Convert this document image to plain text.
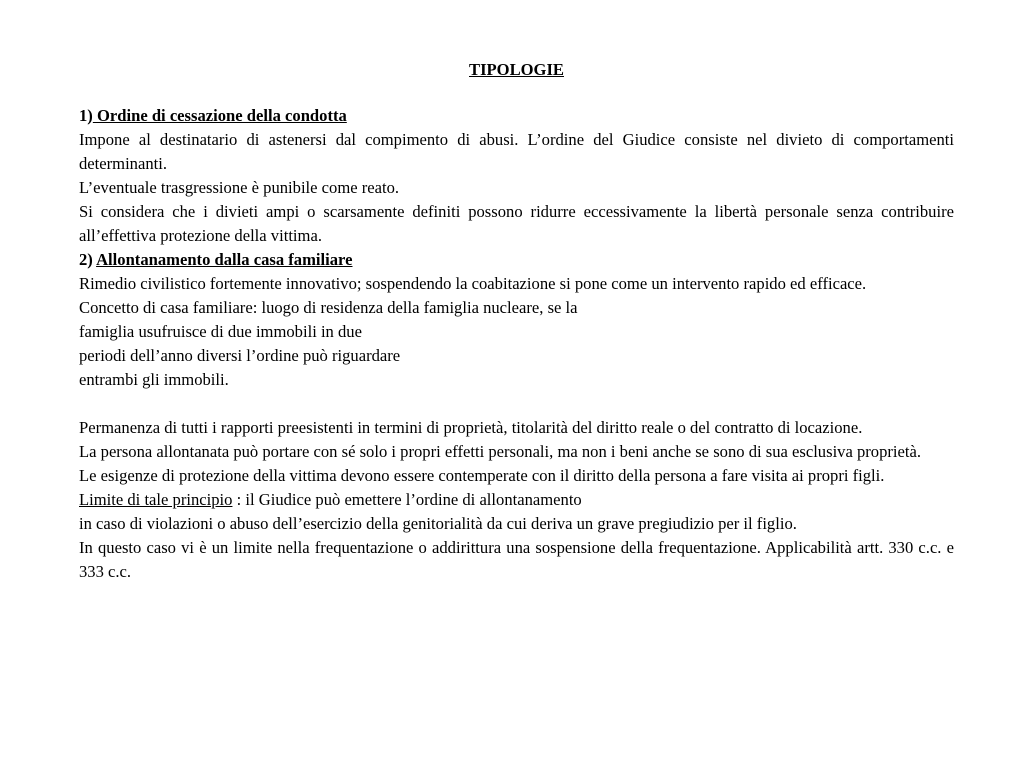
TIPOLOGIE
1) Ordine di cessazione della condotta

Impone al destinatario di astenersi dal compimento di abusi. L’ordine del Giudice consiste nel divieto di comportamenti determinanti.

L’eventuale trasgressione è punibile come reato.

Si considera che i divieti ampi o scarsamente definiti possono ridurre eccessivamente la libertà personale senza contribuire all’effettiva protezione della vittima.

2) Allontanamento dalla casa familiare

Rimedio civilistico fortemente innovativo; sospendendo la coabitazione si pone come un intervento rapido ed efficace.

Concetto di casa familiare: luogo di residenza della famiglia nucleare, se la

famiglia usufruisce di due immobili in due

periodi dell’anno diversi l’ordine può riguardare

entrambi gli immobili.

Permanenza di tutti i rapporti preesistenti in termini di proprietà, titolarità del diritto reale o del contratto di locazione.

La persona allontanata può portare con sé solo i propri effetti personali, ma non i beni anche se sono di sua esclusiva proprietà.

Le esigenze di protezione della vittima devono essere contemperate con il diritto della persona a fare visita ai propri figli.

Limite di tale principio : il Giudice può emettere l’ordine di allontanamento

in caso di violazioni o abuso dell’esercizio della genitorialità da cui deriva un grave pregiudizio per il figlio.

In questo caso vi è un limite nella frequentazione o addirittura una sospensione della frequentazione. Applicabilità artt. 330 c.c. e 333 c.c.
